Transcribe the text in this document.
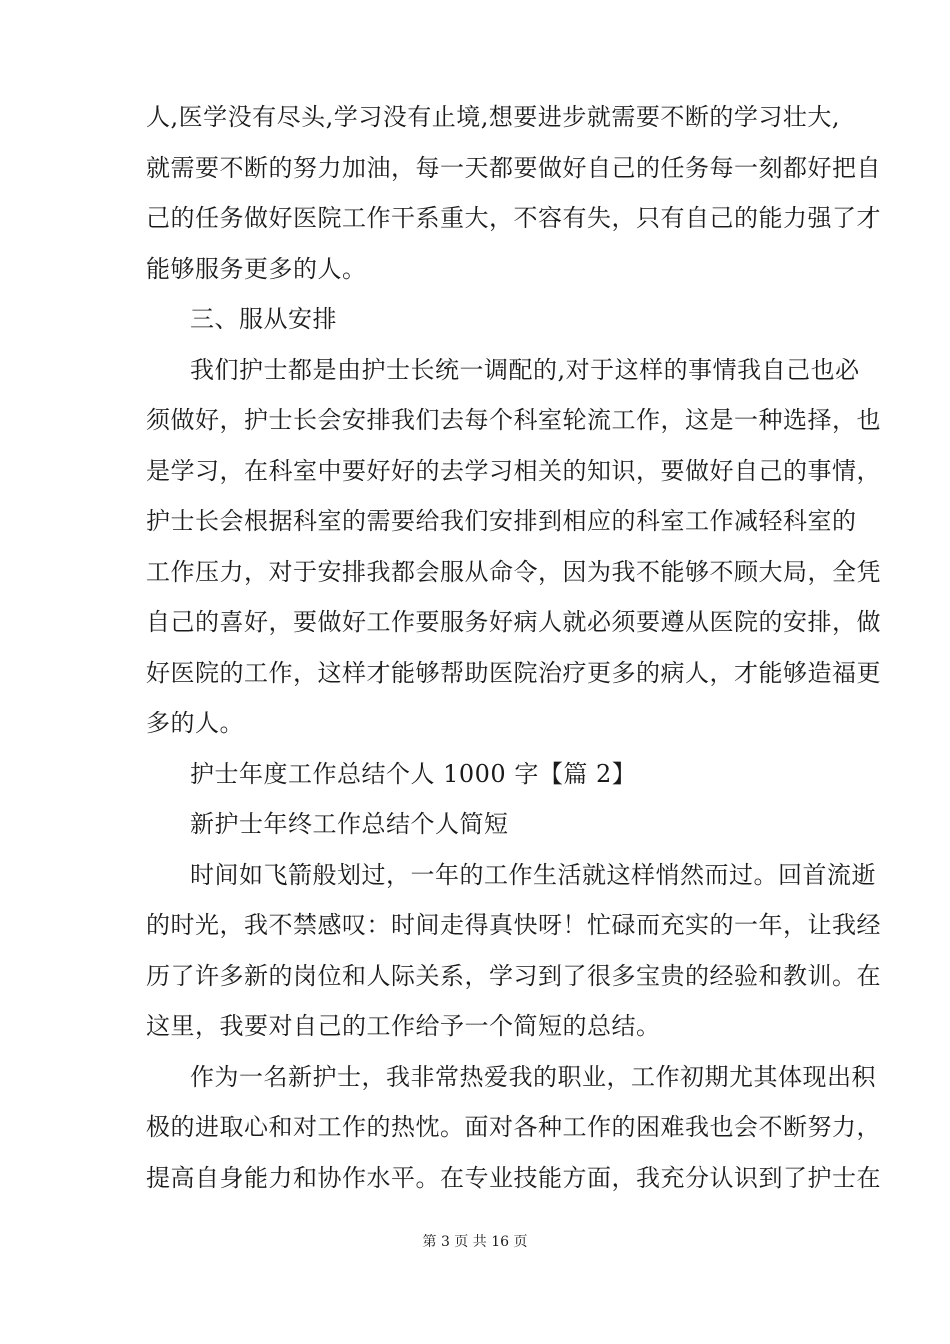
人,医学没有尽头,学习没有止境,想要进步就需要不断的学习壮大,
就需要不断的努力加油，每一天都要做好自己的任务每一刻都好把自
己的任务做好医院工作干系重大，不容有失，只有自己的能力强了才
能够服务更多的人。
三、服从安排
我们护士都是由护士长统一调配的,对于这样的事情我自己也必
须做好，护士长会安排我们去每个科室轮流工作，这是一种选择，也
是学习，在科室中要好好的去学习相关的知识，要做好自己的事情，
护士长会根据科室的需要给我们安排到相应的科室工作减轻科室的
工作压力，对于安排我都会服从命令，因为我不能够不顾大局，全凭
自己的喜好，要做好工作要服务好病人就必须要遵从医院的安排，做
好医院的工作，这样才能够帮助医院治疗更多的病人，才能够造福更
多的人。
护士年度工作总结个人 1000 字【篇 2】
新护士年终工作总结个人简短
时间如飞箭般划过，一年的工作生活就这样悄然而过。回首流逝
的时光，我不禁感叹：时间走得真快呀！忙碌而充实的一年，让我经
历了许多新的岗位和人际关系，学习到了很多宝贵的经验和教训。在
这里，我要对自己的工作给予一个简短的总结。
作为一名新护士，我非常热爱我的职业，工作初期尤其体现出积
极的进取心和对工作的热忱。面对各种工作的困难我也会不断努力，
提高自身能力和协作水平。在专业技能方面，我充分认识到了护士在
第 3 页 共 16 页
